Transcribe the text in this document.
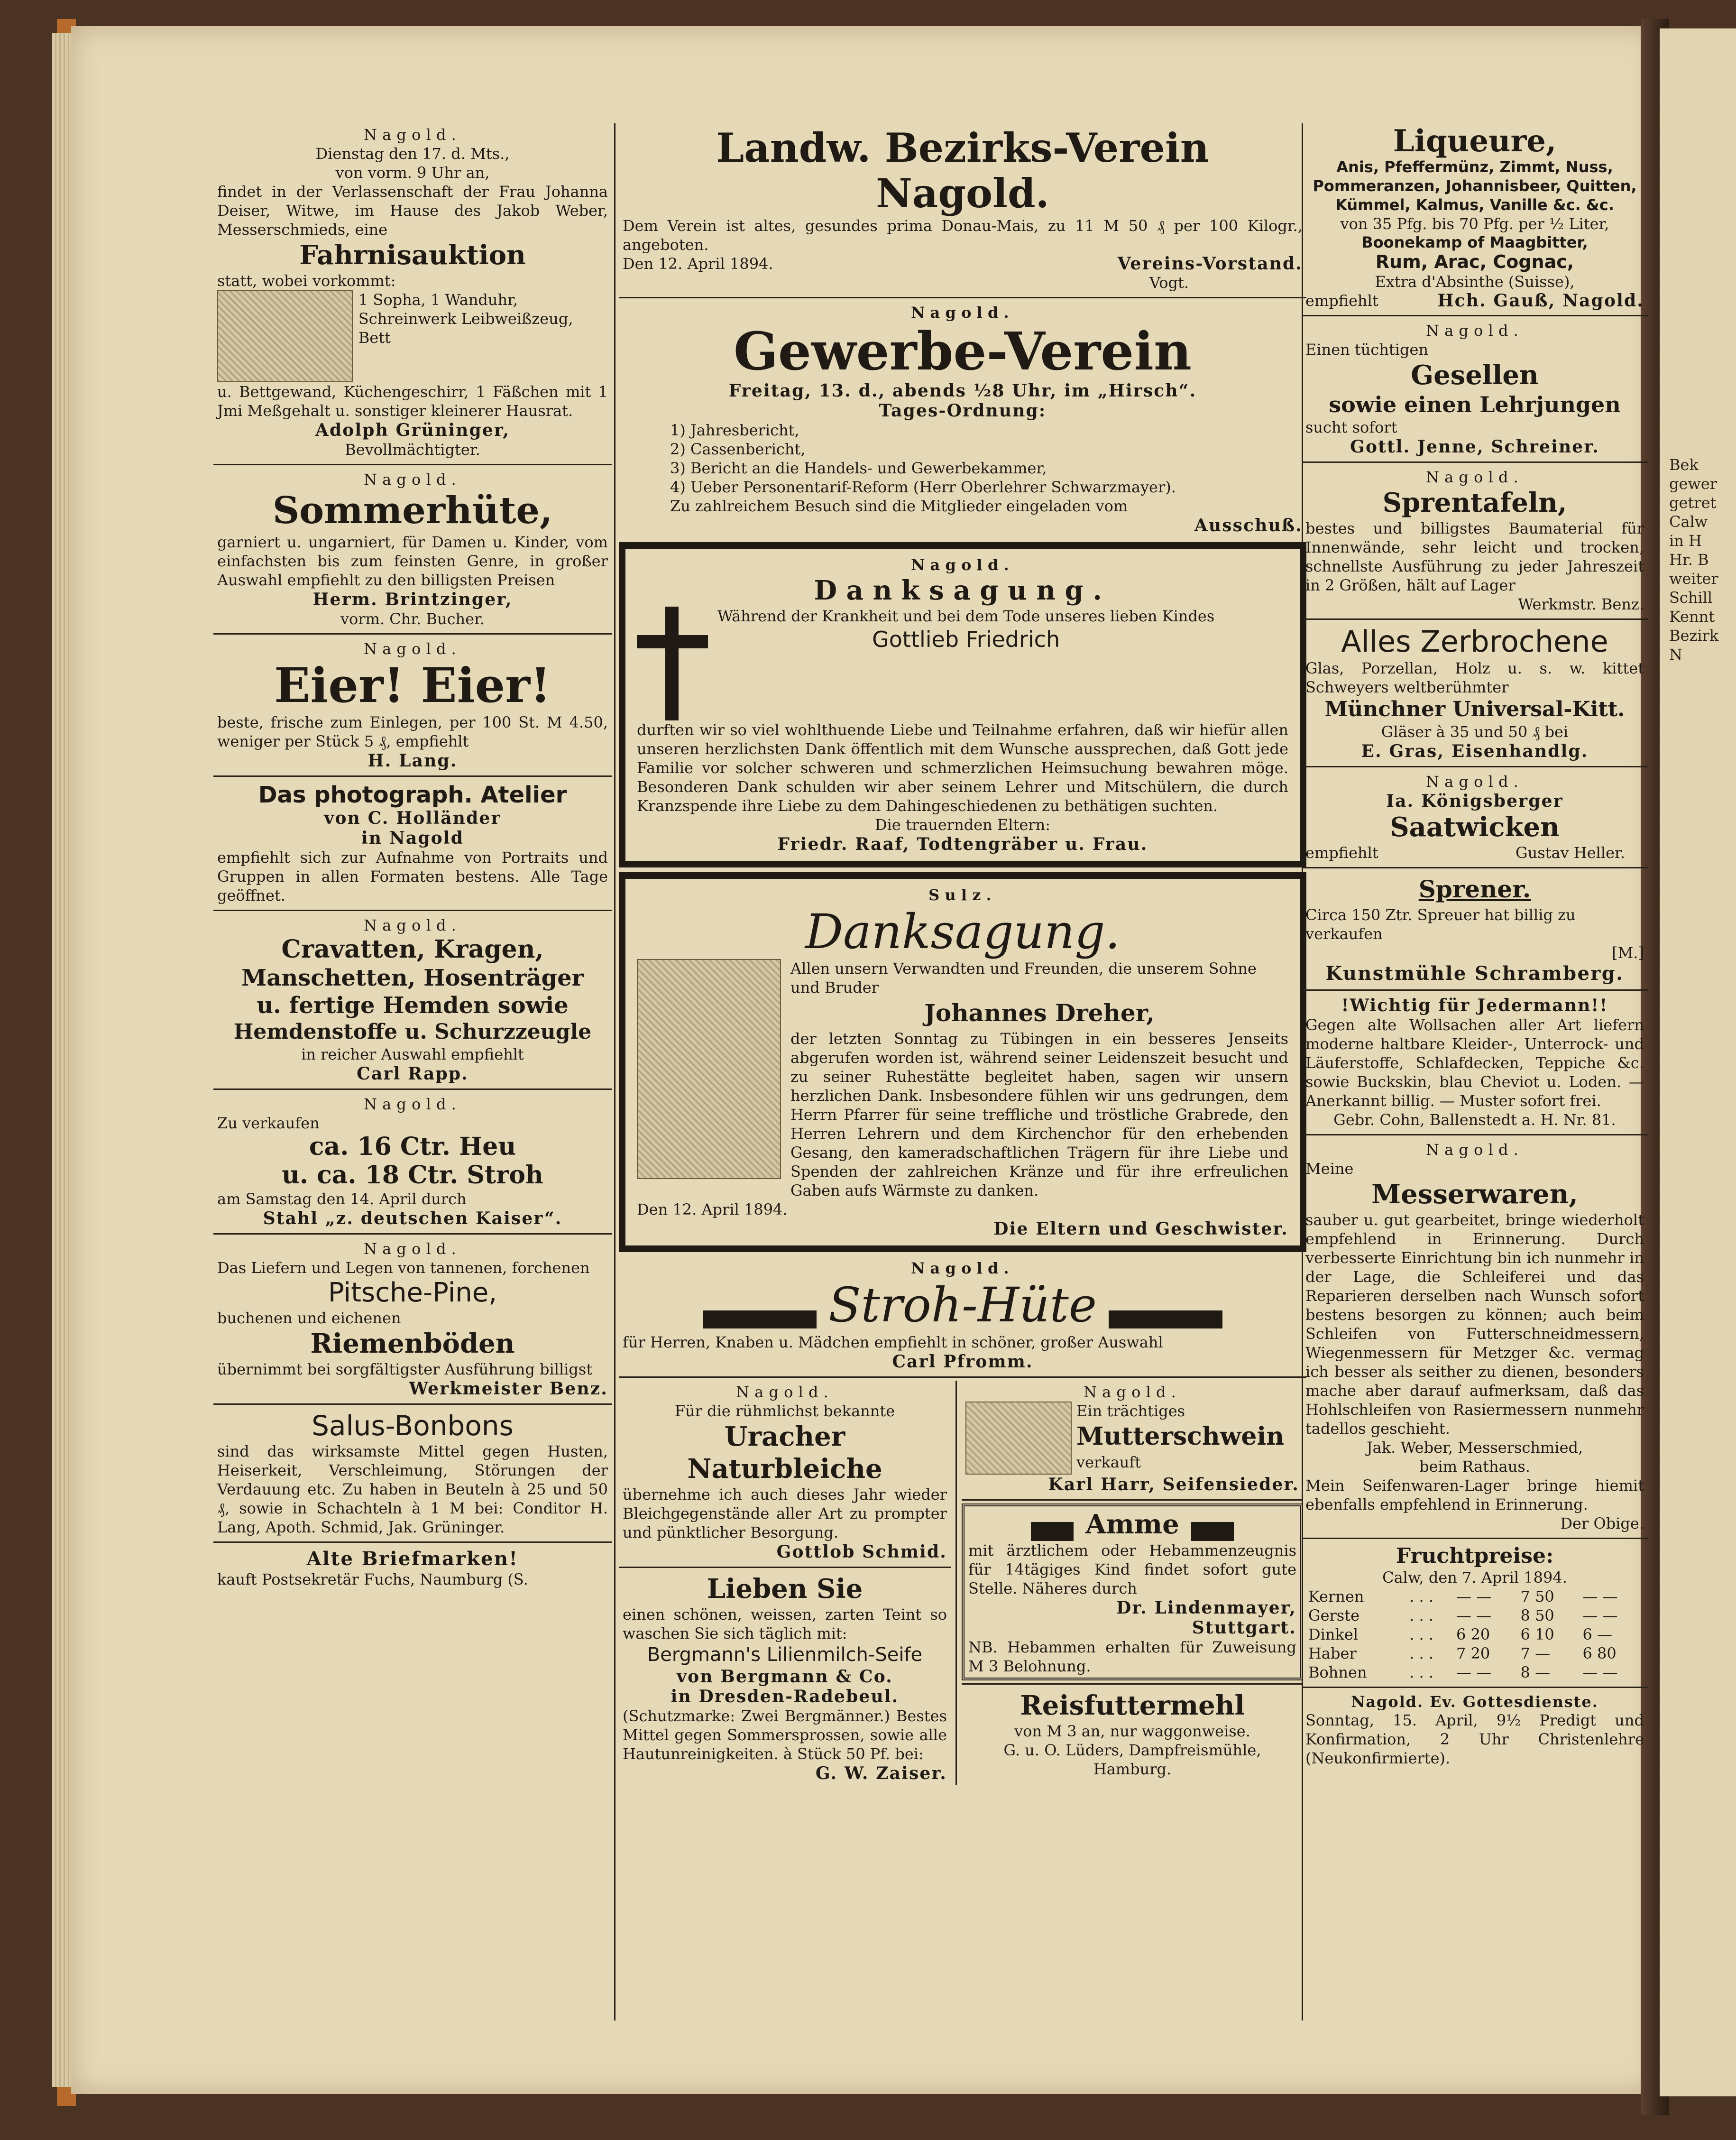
Bek
gewer
getret
Calw
in H
Hr. B
weiter
Schill
Kennt
Bezirk
N
Nagold.
Dienstag den 17. d. Mts.,
von vorm. 9 Uhr an,
findet in der Verlassenschaft der Frau Johanna Deiser, Witwe, im Hause des Jakob Weber, Messerschmieds, eine
Fahrnisauktion
statt, wobei vorkommt:
1 Sopha, 1 Wanduhr, Schreinwerk Leibweißzeug, Bett
u. Bettgewand, Küchengeschirr, 1 Fäßchen mit 1 Jmi Meßgehalt u. sonstiger kleinerer Hausrat.
Adolph Grüninger,
Bevollmächtigter.
Nagold.
Sommerhüte,
garniert u. ungarniert, für Damen u. Kinder, vom einfachsten bis zum feinsten Genre, in großer Auswahl empfiehlt zu den billigsten Preisen
Herm. Brintzinger,
vorm. Chr. Bucher.
Nagold.
Eier! Eier!
beste, frische zum Einlegen, per 100 St. M 4.50, weniger per Stück 5 ₰, empfiehlt
H. Lang.
Das photograph. Atelier
von C. Holländer
in Nagold
empfiehlt sich zur Aufnahme von Portraits und Gruppen in allen Formaten bestens. Alle Tage geöffnet.
Nagold.
Cravatten, Kragen,
Manschetten, Hosenträger
u. fertige Hemden sowie
Hemdenstoffe u. Schurzzeugle
in reicher Auswahl empfiehlt
Carl Rapp.
Nagold.
Zu verkaufen
ca. 16 Ctr. Heu
u. ca. 18 Ctr. Stroh
am Samstag den 14. April durch
Stahl „z. deutschen Kaiser“.
Nagold.
Das Liefern und Legen von tannenen, forchenen
Pitsche-Pine,
buchenen und eichenen
Riemenböden
übernimmt bei sorgfältigster Ausführung billigst
Werkmeister Benz.
Salus-Bonbons
sind das wirksamste Mittel gegen Husten, Heiserkeit, Verschleimung, Störungen der Verdauung etc. Zu haben in Beuteln à 25 und 50 ₰, sowie in Schachteln à 1 M bei: Conditor H. Lang, Apoth. Schmid, Jak. Grüninger.
Alte Briefmarken!
kauft Postsekretär Fuchs, Naumburg (S.
Landw. Bezirks-Verein Nagold.
Dem Verein ist altes, gesundes prima Donau-Mais, zu 11 M 50 ₰ per 100 Kilogr., angeboten.
Den 12. April 1894.	Vereins-Vorstand.
Vogt.
Nagold.
Gewerbe-Verein
Freitag, 13. d., abends ½8 Uhr, im „Hirsch“.
Tages-Ordnung:
1) Jahresbericht,
2) Cassenbericht,
3) Bericht an die Handels- und Gewerbekammer,
4) Ueber Personentarif-Reform (Herr Oberlehrer Schwarzmayer).
Zu zahlreichem Besuch sind die Mitglieder eingeladen vom
Ausschuß.
Nagold.
Danksagung.
Während der Krankheit und bei dem Tode unseres lieben Kindes
Gottlieb Friedrich
durften wir so viel wohlthuende Liebe und Teilnahme erfahren, daß wir hiefür allen unseren herzlichsten Dank öffentlich mit dem Wunsche aussprechen, daß Gott jede Familie vor solcher schweren und schmerzlichen Heimsuchung bewahren möge. Besonderen Dank schulden wir aber seinem Lehrer und Mitschülern, die durch Kranzspende ihre Liebe zu dem Dahingeschiedenen zu bethätigen suchten.
Die trauernden Eltern:
Friedr. Raaf, Todtengräber u. Frau.
Sulz.
Danksagung.
Allen unsern Verwandten und Freunden, die unserem Sohne und Bruder
Johannes Dreher,
der letzten Sonntag zu Tübingen in ein besseres Jenseits abgerufen worden ist, während seiner Leidenszeit besucht und zu seiner Ruhestätte begleitet haben, sagen wir unsern herzlichen Dank. Insbesondere fühlen wir uns gedrungen, dem Herrn Pfarrer für seine treffliche und tröstliche Grabrede, den Herren Lehrern und dem Kirchenchor für den erhebenden Gesang, den kameradschaftlichen Trägern für ihre Liebe und Spenden der zahlreichen Kränze und für ihre erfreulichen Gaben aufs Wärmste zu danken.
Den 12. April 1894.
Die Eltern und Geschwister.
Nagold.
Stroh-Hüte
für Herren, Knaben u. Mädchen empfiehlt in schöner, großer Auswahl
Carl Pfromm.
Nagold.
Für die rühmlichst bekannte
Uracher
Naturbleiche
übernehme ich auch dieses Jahr wieder Bleichgegenstände aller Art zu prompter und pünktlicher Besorgung.
Gottlob Schmid.
Lieben Sie
einen schönen, weissen, zarten Teint so waschen Sie sich täglich mit:
Bergmann's Lilienmilch-Seife
von Bergmann & Co.
in Dresden-Radebeul.
(Schutzmarke: Zwei Bergmänner.) Bestes Mittel gegen Sommersprossen, sowie alle Hautunreinigkeiten. à Stück 50 Pf. bei:
G. W. Zaiser.
Nagold.
Ein trächtiges
Mutterschwein
verkauft
Karl Harr, Seifensieder.
Amme
mit ärztlichem oder Hebammenzeugnis für 14tägiges Kind findet sofort gute Stelle. Näheres durch
Dr. Lindenmayer,
Stuttgart.
NB. Hebammen erhalten für Zuweisung M 3 Belohnung.
Reisfuttermehl
von M 3 an, nur waggonweise.
G. u. O. Lüders, Dampfreismühle,
Hamburg.
Liqueure,
Anis, Pfeffermünz, Zimmt, Nuss, Pommeranzen, Johannisbeer, Quitten, Kümmel, Kalmus, Vanille &c. &c.
von 35 Pfg. bis 70 Pfg. per ½ Liter,
Boonekamp of Maagbitter,
Rum, Arac, Cognac,
Extra d'Absinthe (Suisse),
empfiehlt	Hch. Gauß, Nagold.
Nagold.
Einen tüchtigen
Gesellen
sowie einen Lehrjungen
sucht sofort
Gottl. Jenne, Schreiner.
Nagold.
Sprentafeln,
bestes und billigstes Baumaterial für Innenwände, sehr leicht und trocken, schnellste Ausführung zu jeder Jahreszeit in 2 Größen, hält auf Lager
Werkmstr. Benz.
Alles Zerbrochene
Glas, Porzellan, Holz u. s. w. kittet Schweyers weltberühmter
Münchner Universal-Kitt.
Gläser à 35 und 50 ₰ bei
E. Gras, Eisenhandlg.
Nagold.
Ia. Königsberger
Saatwicken
empfiehlt	Gustav Heller.
Sprener.
Circa 150 Ztr. Spreuer hat billig zu verkaufen
[M.]
Kunstmühle Schramberg.
!Wichtig für Jedermann!!
Gegen alte Wollsachen aller Art liefern moderne haltbare Kleider-, Unterrock- und Läuferstoffe, Schlafdecken, Teppiche &c. sowie Buckskin, blau Cheviot u. Loden. — Anerkannt billig. — Muster sofort frei.
Gebr. Cohn, Ballenstedt a. H. Nr. 81.
Nagold.
Meine
Messerwaren,
sauber u. gut gearbeitet, bringe wiederholt empfehlend in Erinnerung. Durch verbesserte Einrichtung bin ich nunmehr in der Lage, die Schleiferei und das Reparieren derselben nach Wunsch sofort bestens besorgen zu können; auch beim Schleifen von Futterschneidmessern, Wiegenmessern für Metzger &c. vermag ich besser als seither zu dienen, besonders mache aber darauf aufmerksam, daß das Hohlschleifen von Rasiermessern nunmehr tadellos geschieht.
Jak. Weber, Messerschmied,
beim Rathaus.
Mein Seifenwaren-Lager bringe hiemit ebenfalls empfehlend in Erinnerung.
Der Obige.
Fruchtpreise:
Calw, den 7. April 1894.
Kernen	. . .	— —	7 50	— —
Gerste	. . .	— —	8 50	— —
Dinkel	. . .	6 20	6 10	6 —
Haber	. . .	7 20	7 —	6 80
Bohnen	. . .	— —	8 —	— —
Nagold. Ev. Gottesdienste.
Sonntag, 15. April, 9½ Predigt und Konfirmation, 2 Uhr Christenlehre (Neukonfirmierte).
